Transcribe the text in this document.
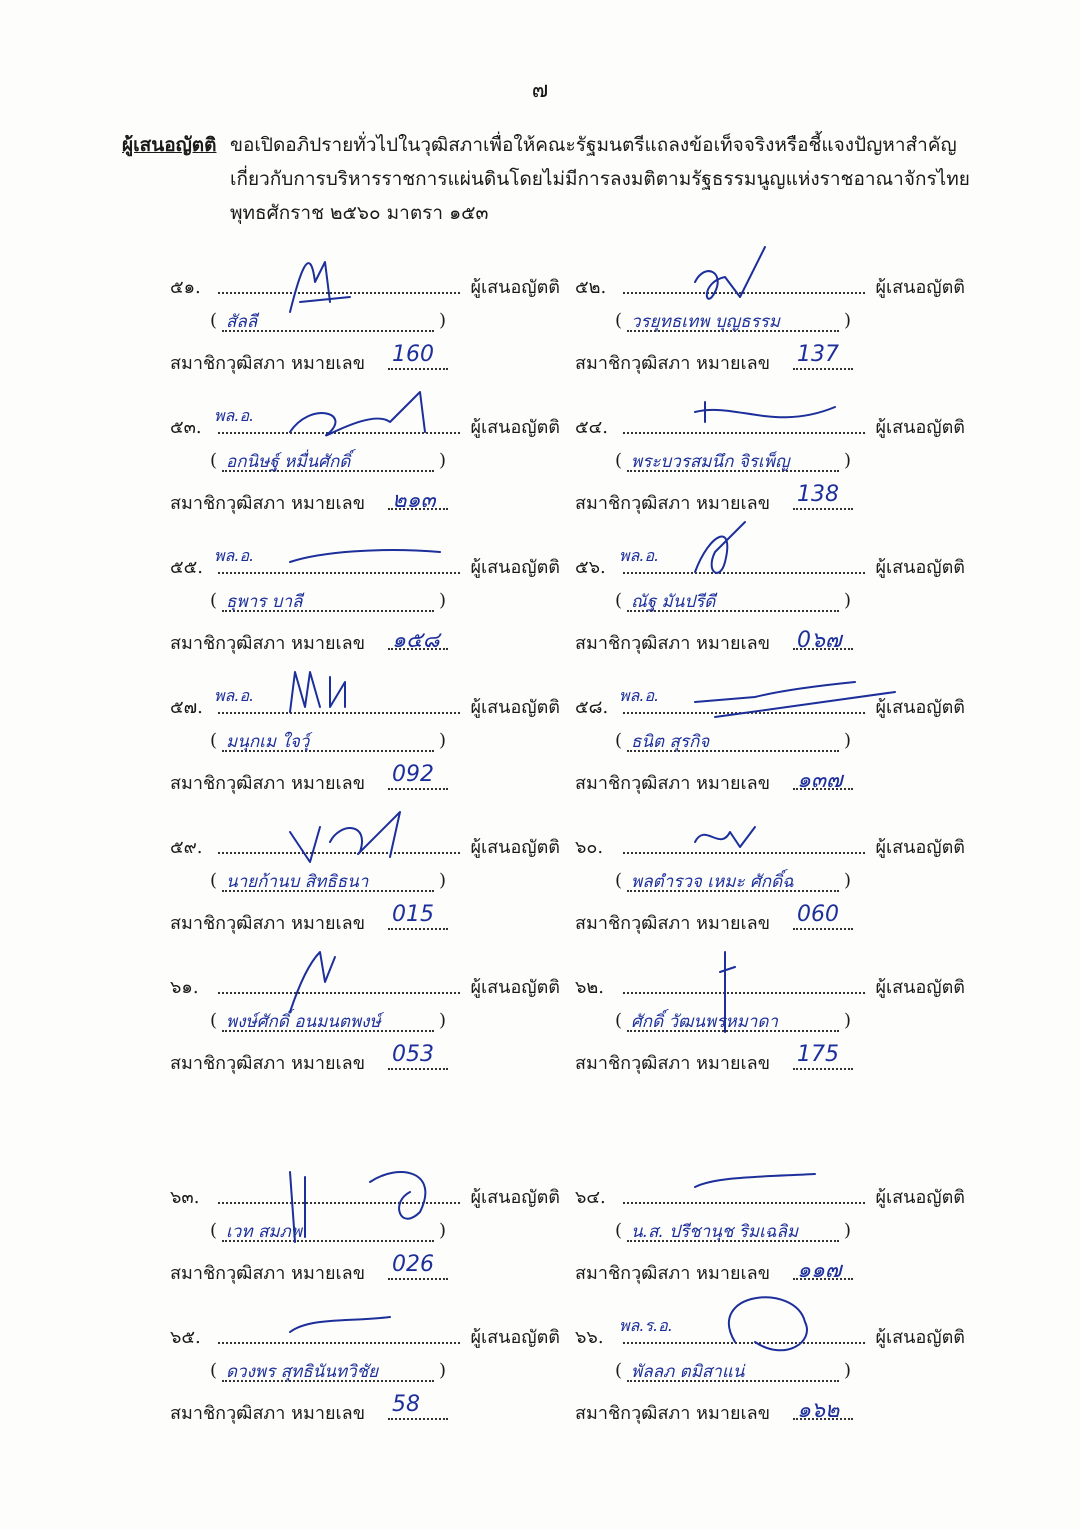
๗
ผู้เสนอญัตติ ขอเปิดอภิปรายทั่วไปในวุฒิสภาเพื่อให้คณะรัฐมนตรีแถลงข้อเท็จจริงหรือชี้แจงปัญหาสำคัญ
เกี่ยวกับการบริหารราชการแผ่นดินโดยไม่มีการลงมติตามรัฐธรรมนูญแห่งราชอาณาจักรไทย
พุทธศักราช ๒๕๖๐ มาตรา ๑๕๓
๕๑.	ผู้เสนอญัตติ
(	)
สมาชิกวุฒิสภา หมายเลข
สัลลี
160
๕๒.	ผู้เสนอญัตติ
(	)
สมาชิกวุฒิสภา หมายเลข
วรยุทธเทพ บุญธรรม
137
๕๓.	ผู้เสนอญัตติ
(	)
สมาชิกวุฒิสภา หมายเลข
พล.อ.
อกนิษฐ์ หมื่นศักดิ์
๒๑๓
๕๔.	ผู้เสนอญัตติ
(	)
สมาชิกวุฒิสภา หมายเลข
พระบวรสมนึก จิรเพ็ญ
138
๕๕.	ผู้เสนอญัตติ
(	)
สมาชิกวุฒิสภา หมายเลข
พล.อ.
ธุพาร บาลี
๑๕๘
๕๖.	ผู้เสนอญัตติ
(	)
สมาชิกวุฒิสภา หมายเลข
พล.อ.
ณัฐ มันปรีดี
0๖๗
๕๗.	ผู้เสนอญัตติ
(	)
สมาชิกวุฒิสภา หมายเลข
พล.อ.
มนุกเม ใจวุ์
092
๕๘.	ผู้เสนอญัตติ
(	)
สมาชิกวุฒิสภา หมายเลข
พล.อ.
ธนิต สุรกิจ
๑๓๗
๕๙.	ผู้เสนอญัตติ
(	)
สมาชิกวุฒิสภา หมายเลข
นายก้านบ สิทธิธนา
015
๖๐.	ผู้เสนอญัตติ
(	)
สมาชิกวุฒิสภา หมายเลข
พลตำรวจ เหมะ ศักดิ์ฉ
060
๖๑.	ผู้เสนอญัตติ
(	)
สมาชิกวุฒิสภา หมายเลข
พงษ์ศักดิ์ อนมนตพงษ์
053
๖๒.	ผู้เสนอญัตติ
(	)
สมาชิกวุฒิสภา หมายเลข
ศักดิ์ วัฒนพรหมาดา
175
๖๓.	ผู้เสนอญัตติ
(	)
สมาชิกวุฒิสภา หมายเลข
เวท สมภพ
026
๖๔.	ผู้เสนอญัตติ
(	)
สมาชิกวุฒิสภา หมายเลข
น.ส. ปรีชานุช ริมเฉลิม
๑๑๗
๖๕.	ผู้เสนอญัตติ
(	)
สมาชิกวุฒิสภา หมายเลข
ดวงพร สุทธินันทวิชัย
58
๖๖.	ผู้เสนอญัตติ
(	)
สมาชิกวุฒิสภา หมายเลข
พล.ร.อ.
พัลลภ ตมิสาแน่
๑๖๒
